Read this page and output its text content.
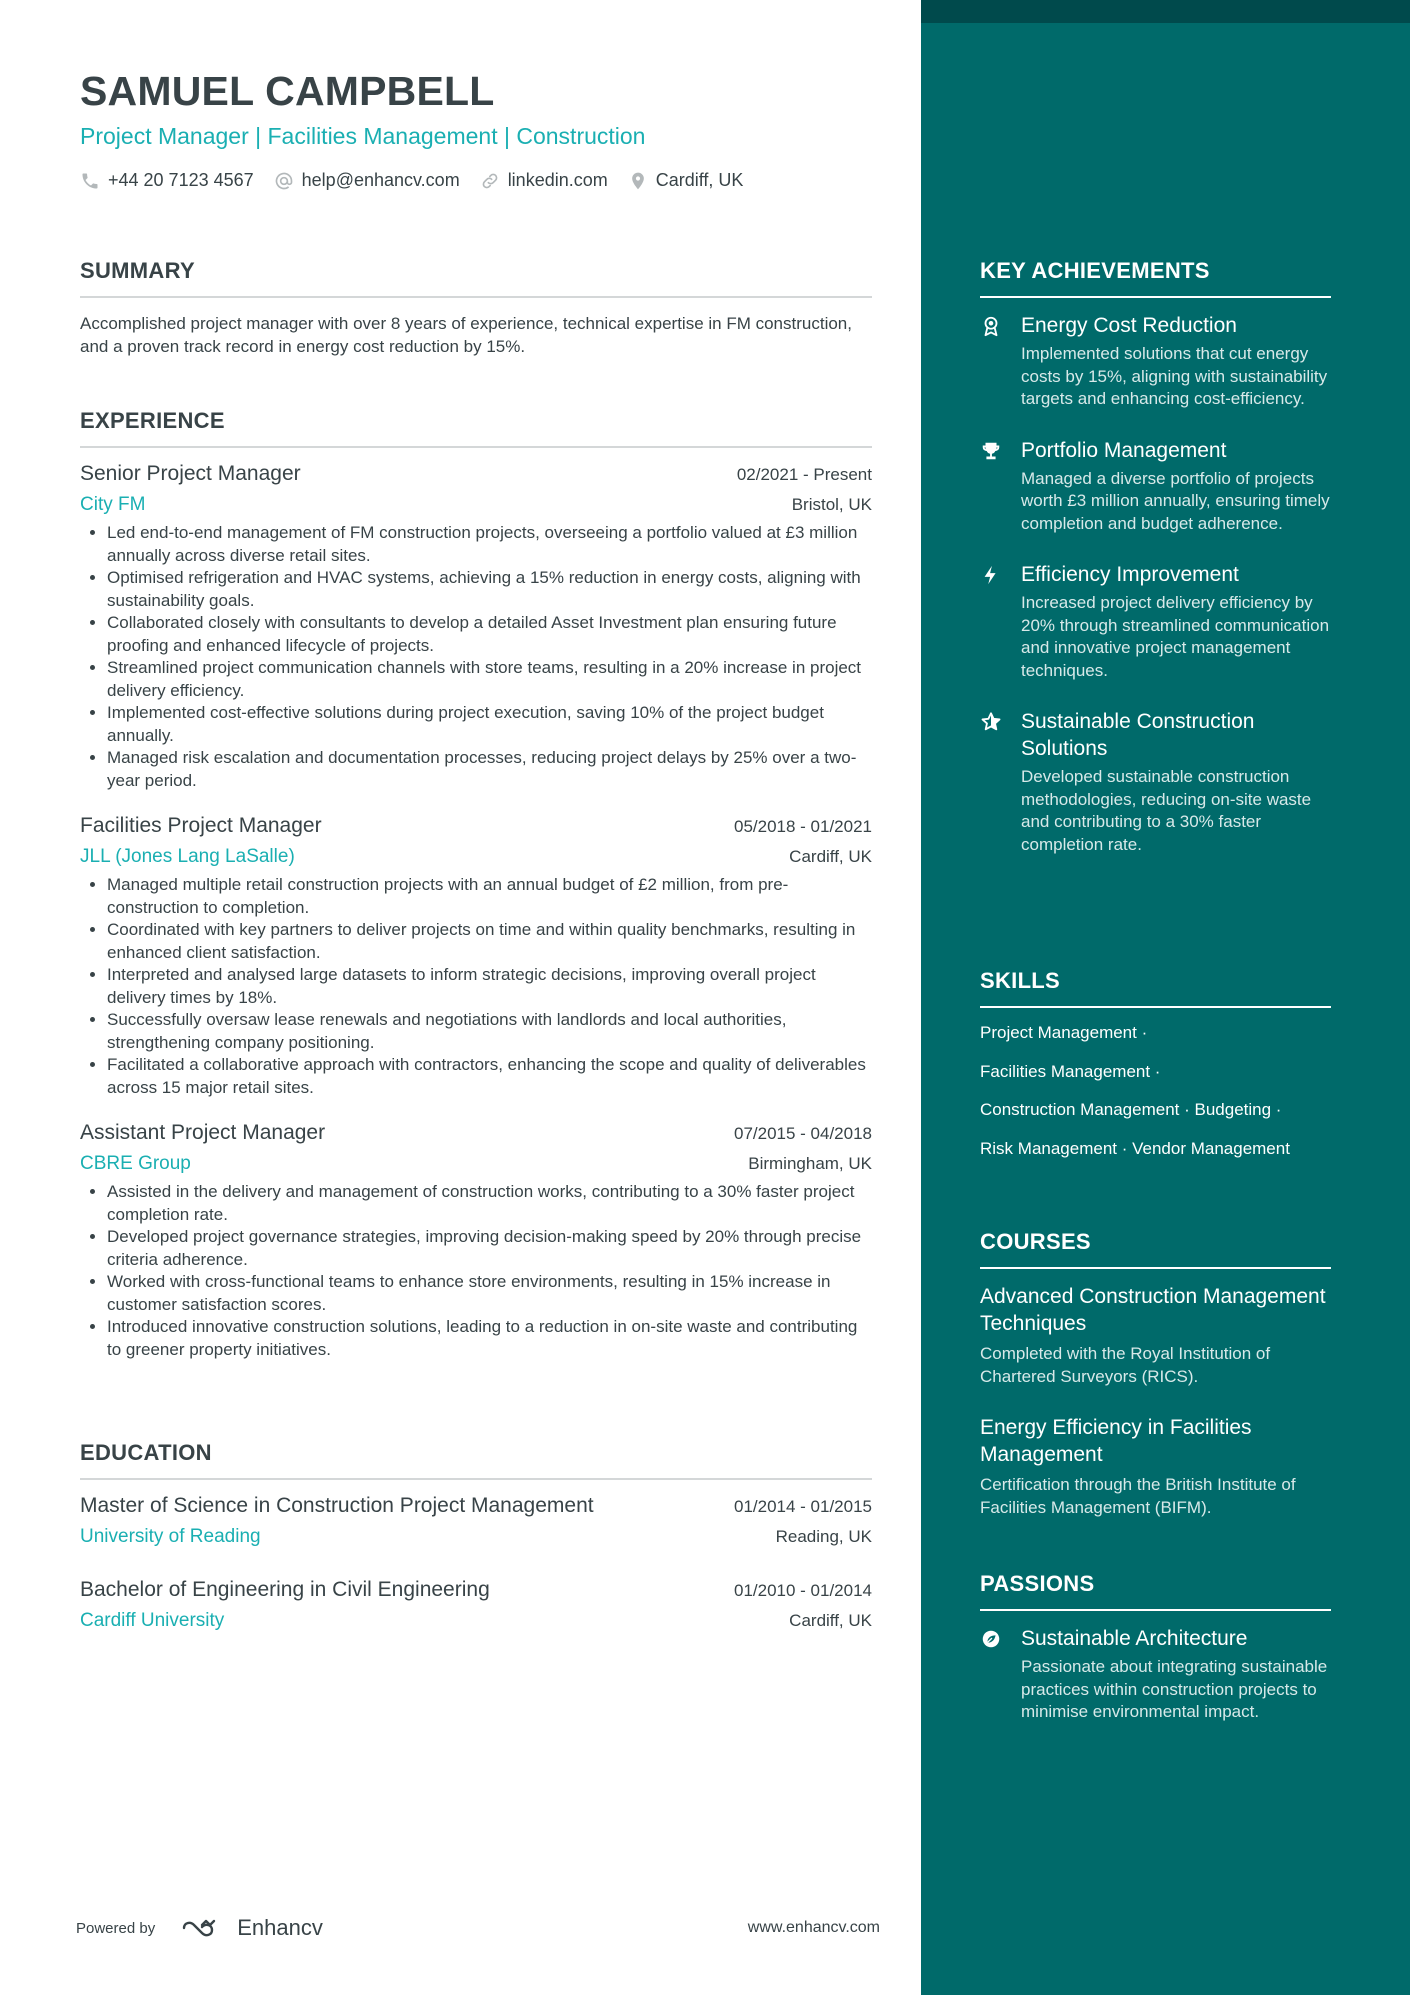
SAMUEL CAMPBELL
Project Manager | Facilities Management | Construction
+44 20 7123 4567	help@enhancv.com	linkedin.com	Cardiff, UK
SUMMARY
Accomplished project manager with over 8 years of experience, technical expertise in FM construction, and a proven track record in energy cost reduction by 15%.
EXPERIENCE
Senior Project Manager	02/2021 - Present
City FM	Bristol, UK
• Led end-to-end management of FM construction projects, overseeing a portfolio valued at £3 million annually across diverse retail sites.
• Optimised refrigeration and HVAC systems, achieving a 15% reduction in energy costs, aligning with sustainability goals.
• Collaborated closely with consultants to develop a detailed Asset Investment plan ensuring future proofing and enhanced lifecycle of projects.
• Streamlined project communication channels with store teams, resulting in a 20% increase in project delivery efficiency.
• Implemented cost-effective solutions during project execution, saving 10% of the project budget annually.
• Managed risk escalation and documentation processes, reducing project delays by 25% over a two-year period.
Facilities Project Manager	05/2018 - 01/2021
JLL (Jones Lang LaSalle)	Cardiff, UK
• Managed multiple retail construction projects with an annual budget of £2 million, from pre-construction to completion.
• Coordinated with key partners to deliver projects on time and within quality benchmarks, resulting in enhanced client satisfaction.
• Interpreted and analysed large datasets to inform strategic decisions, improving overall project delivery times by 18%.
• Successfully oversaw lease renewals and negotiations with landlords and local authorities, strengthening company positioning.
• Facilitated a collaborative approach with contractors, enhancing the scope and quality of deliverables across 15 major retail sites.
Assistant Project Manager	07/2015 - 04/2018
CBRE Group	Birmingham, UK
• Assisted in the delivery and management of construction works, contributing to a 30% faster project completion rate.
• Developed project governance strategies, improving decision-making speed by 20% through precise criteria adherence.
• Worked with cross-functional teams to enhance store environments, resulting in 15% increase in customer satisfaction scores.
• Introduced innovative construction solutions, leading to a reduction in on-site waste and contributing to greener property initiatives.
EDUCATION
Master of Science in Construction Project Management	01/2014 - 01/2015
University of Reading	Reading, UK
Bachelor of Engineering in Civil Engineering	01/2010 - 01/2014
Cardiff University	Cardiff, UK
Powered by	Enhancv	www.enhancv.com
KEY ACHIEVEMENTS
Energy Cost Reduction
Implemented solutions that cut energy costs by 15%, aligning with sustainability targets and enhancing cost-efficiency.
Portfolio Management
Managed a diverse portfolio of projects worth £3 million annually, ensuring timely completion and budget adherence.
Efficiency Improvement
Increased project delivery efficiency by 20% through streamlined communication and innovative project management techniques.
Sustainable Construction Solutions
Developed sustainable construction methodologies, reducing on-site waste and contributing to a 30% faster completion rate.
SKILLS
Project Management ·
Facilities Management ·
Construction Management · Budgeting ·
Risk Management · Vendor Management
COURSES
Advanced Construction Management Techniques
Completed with the Royal Institution of Chartered Surveyors (RICS).
Energy Efficiency in Facilities Management
Certification through the British Institute of Facilities Management (BIFM).
PASSIONS
Sustainable Architecture
Passionate about integrating sustainable practices within construction projects to minimise environmental impact.
